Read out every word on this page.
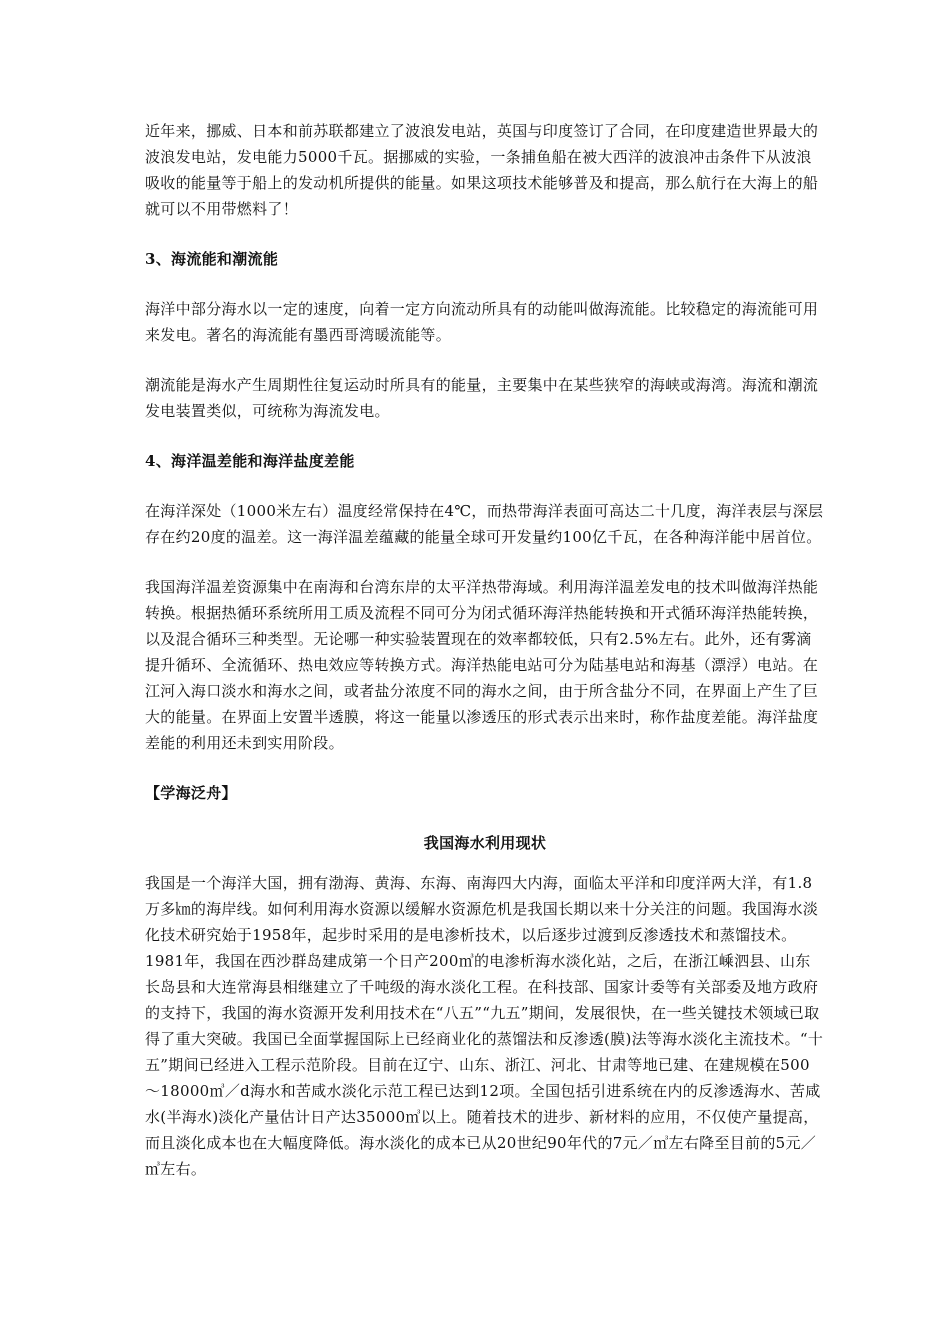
近年来，挪威、日本和前苏联都建立了波浪发电站，英国与印度签订了合同，在印度建造世界最大的波浪发电站，发电能力5000千瓦。据挪威的实验，一条捕鱼船在被大西洋的波浪冲击条件下从波浪吸收的能量等于船上的发动机所提供的能量。如果这项技术能够普及和提高，那么航行在大海上的船就可以不用带燃料了！

3、海流能和潮流能

海洋中部分海水以一定的速度，向着一定方向流动所具有的动能叫做海流能。比较稳定的海流能可用来发电。著名的海流能有墨西哥湾暖流能等。

潮流能是海水产生周期性往复运动时所具有的能量，主要集中在某些狭窄的海峡或海湾。海流和潮流发电装置类似，可统称为海流发电。

4、海洋温差能和海洋盐度差能

在海洋深处（1000米左右）温度经常保持在4℃，而热带海洋表面可高达二十几度，海洋表层与深层存在约20度的温差。这一海洋温差蕴藏的能量全球可开发量约100亿千瓦，在各种海洋能中居首位。

我国海洋温差资源集中在南海和台湾东岸的太平洋热带海域。利用海洋温差发电的技术叫做海洋热能转换。根据热循环系统所用工质及流程不同可分为闭式循环海洋热能转换和开式循环海洋热能转换，以及混合循环三种类型。无论哪一种实验装置现在的效率都较低，只有2.5%左右。此外，还有雾滴提升循环、全流循环、热电效应等转换方式。海洋热能电站可分为陆基电站和海基（漂浮）电站。在江河入海口淡水和海水之间，或者盐分浓度不同的海水之间，由于所含盐分不同，在界面上产生了巨大的能量。在界面上安置半透膜，将这一能量以渗透压的形式表示出来时，称作盐度差能。海洋盐度差能的利用还未到实用阶段。

【学海泛舟】

我国海水利用现状

我国是一个海洋大国，拥有渤海、黄海、东海、南海四大内海，面临太平洋和印度洋两大洋，有1.8万多㎞的海岸线。如何利用海水资源以缓解水资源危机是我国长期以来十分关注的问题。我国海水淡化技术研究始于1958年，起步时采用的是电渗析技术，以后逐步过渡到反渗透技术和蒸馏技术。1981年，我国在西沙群岛建成第一个日产200㎥的电渗析海水淡化站，之后，在浙江嵊泗县、山东长岛县和大连常海县相继建立了千吨级的海水淡化工程。在科技部、国家计委等有关部委及地方政府的支持下，我国的海水资源开发利用技术在“八五”“九五”期间，发展很快，在一些关键技术领域已取得了重大突破。我国已全面掌握国际上已经商业化的蒸馏法和反渗透(膜)法等海水淡化主流技术。“十五”期间已经进入工程示范阶段。目前在辽宁、山东、浙江、河北、甘肃等地已建、在建规模在500～18000㎥／d海水和苦咸水淡化示范工程已达到12项。全国包括引进系统在内的反渗透海水、苦咸水(半海水)淡化产量估计日产达35000㎥以上。随着技术的进步、新材料的应用，不仅使产量提高，而且淡化成本也在大幅度降低。海水淡化的成本已从20世纪90年代的7元／㎥左右降至目前的5元／㎥左右。
